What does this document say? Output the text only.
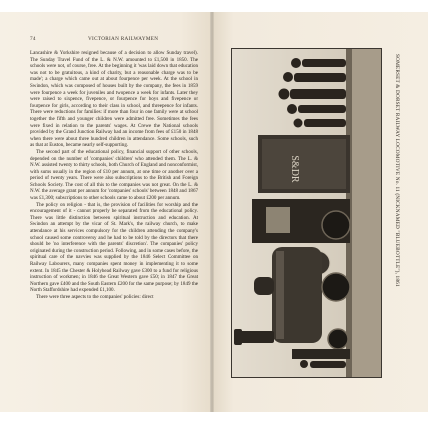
74	VICTORIAN RAILWAYMEN

Lancashire & Yorkshire resigned because of a decision to allow Sunday travel). The Sunday Travel Fund of the L. & N.W. amounted to £1,500 in 1850. The schools were not, of course, free. At the beginning it 'was laid down that education was not to be gratuitous, a kind of charity, but a reasonable charge was to be made'; a charge which came out at about fourpence per week. At the school in Swindon, which was composed of houses built by the company, the fees in 1859 were fourpence a week for juveniles and twopence a week for infants. Later they were raised to sixpence, fivepence, or fourpence for boys and fivepence or fourpence for girls, according to their class in school, and threepence for infants. There were reductions for families: if more than four in one family were at school together the fifth and younger children were admitted free. Sometimes the fees were fixed in relation to the parents' wages. At Crewe the National schools provided by the Grand Junction Railway had an income from fees of £150 in 1848 when there were about three hundred children in attendance. Some schools, such as that at Euston, became nearly self-supporting.

The second part of the educational policy, financial support of other schools, depended on the number of 'companies' children' who attended them. The L. & N.W. assisted twenty to thirty schools, both Church of England and nonconformist, with sums usually in the region of £10 per annum, at one time or another over a period of twenty years. There were also subscriptions to the British and Foreign Schools Society. The cost of all this to the companies was not great. On the L. & N.W. the average grant per annum for 'companies' schools' between 1848 and 1867 was £1,300; subscriptions to other schools came to about £200 per annum.

The policy on religion - that is, the provision of facilities for worship and the encouragement of it - cannot properly be separated from the educational policy. There was little distinction between spiritual instruction and education. At Swindon an attempt by the vicar of St. Mark's, the railway church, to make attendance at his services compulsory for the children attending the company's school caused some controversy and he had to be told by the directors that there should be 'no interference with the parents' discretion'. The companies' policy originated during the construction period. Following, and in some cases before, the spiritual care of the navvies was supplied by the 1846 Select Committee on Railway Labourers, many companies spent money in implementing it to some extent. In 1845 the Chester & Holyhead Railway gave £300 to a fund for religious instruction of workmen; in 1846 the Great Western gave £50; in 1847 the Great Northern gave £400 and the South Eastern £200 for the same purpose; by 1849 the North Staffordshire had expended £1,100.

There were three aspects to the companies' policies: direct

S&DR	SOMERSET & DORSET RAILWAY LOCOMOTIVE No. 11 (NICKNAMED "BLUEBOTTLE"), 1861
